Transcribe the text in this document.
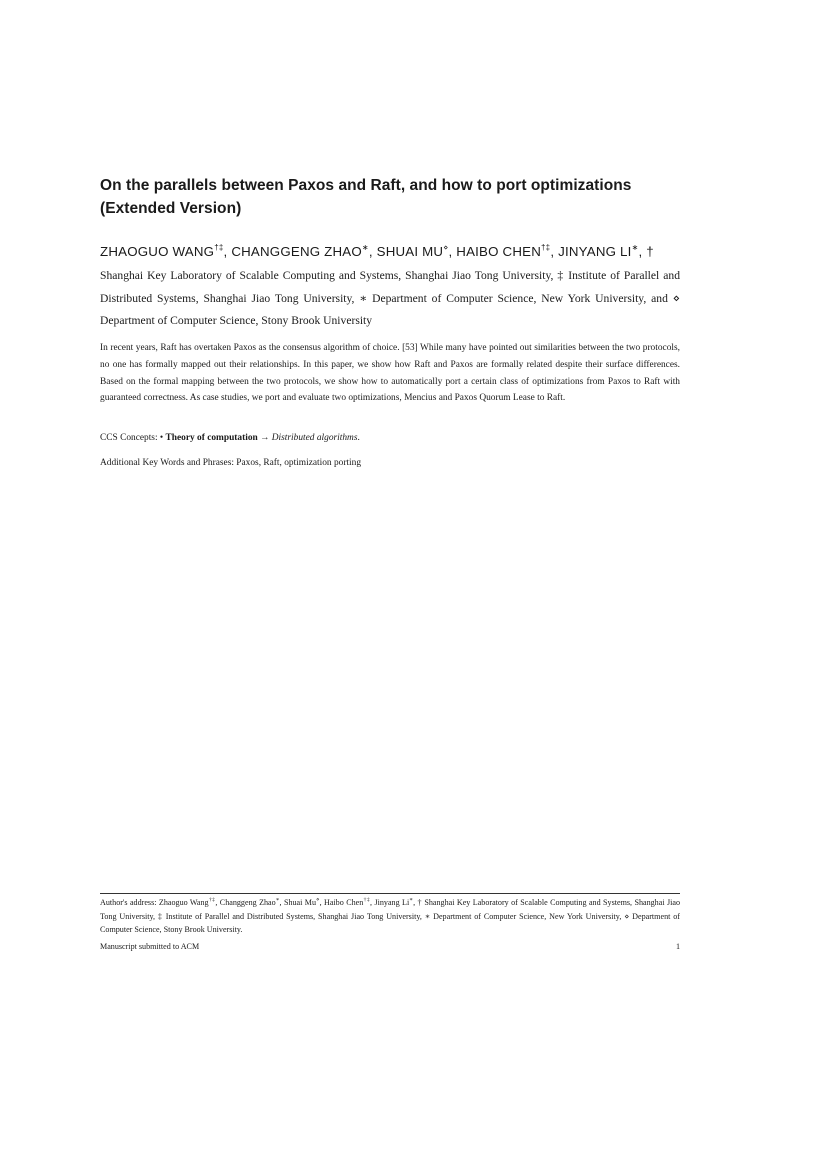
On the parallels between Paxos and Raft, and how to port optimizations (Extended Version)
ZHAOGUO WANG†‡, CHANGGENG ZHAO∗, SHUAI MU⋄, HAIBO CHEN†‡, JINYANG LI∗, †
Shanghai Key Laboratory of Scalable Computing and Systems, Shanghai Jiao Tong University, ‡ Institute of Parallel and Distributed Systems, Shanghai Jiao Tong University, ∗ Department of Computer Science, New York University, and ⋄ Department of Computer Science, Stony Brook University
In recent years, Raft has overtaken Paxos as the consensus algorithm of choice. [53] While many have pointed out similarities between the two protocols, no one has formally mapped out their relationships. In this paper, we show how Raft and Paxos are formally related despite their surface differences. Based on the formal mapping between the two protocols, we show how to automatically port a certain class of optimizations from Paxos to Raft with guaranteed correctness. As case studies, we port and evaluate two optimizations, Mencius and Paxos Quorum Lease to Raft.
CCS Concepts: • Theory of computation → Distributed algorithms.
Additional Key Words and Phrases: Paxos, Raft, optimization porting
Author's address: Zhaoguo Wang†‡, Changgeng Zhao∗, Shuai Mu⋄, Haibo Chen†‡, Jinyang Li∗, † Shanghai Key Laboratory of Scalable Computing and Systems, Shanghai Jiao Tong University, ‡ Institute of Parallel and Distributed Systems, Shanghai Jiao Tong University, ∗ Department of Computer Science, New York University, ⋄ Department of Computer Science, Stony Brook University.
Manuscript submitted to ACM	1
